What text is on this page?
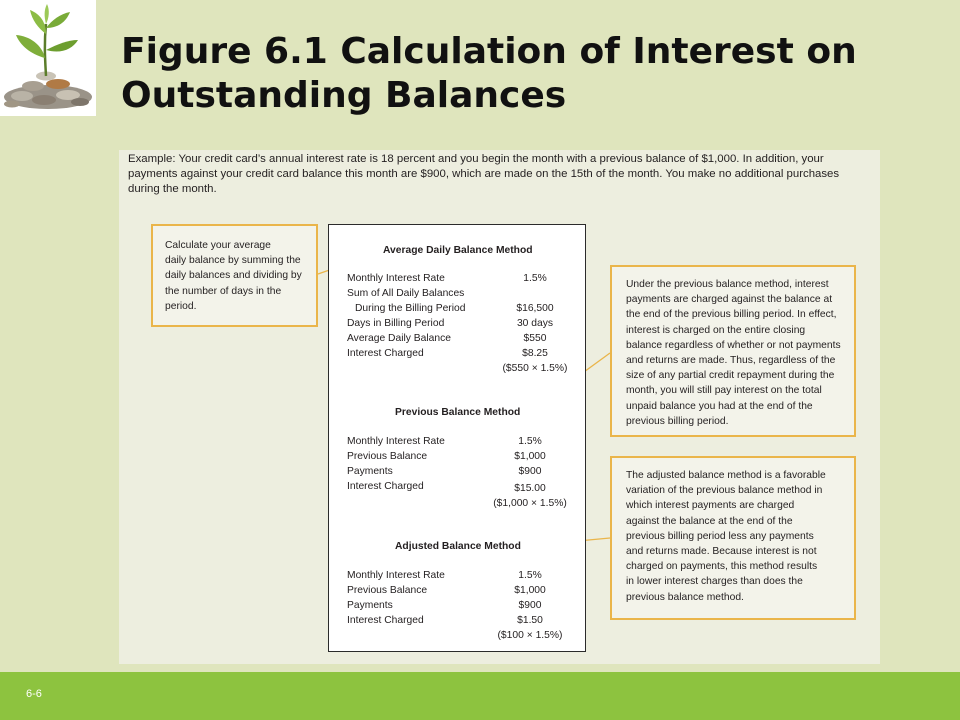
Figure 6.1 Calculation of Interest on
Outstanding Balances

Example: Your credit card’s annual interest rate is 18 percent and you begin the month with a previous balance of $1,000. In addition, your
payments against your credit card balance this month are $900, which are made on the 15th of the month. You make no additional purchases
during the month.

Calculate your average
daily balance by summing the
daily balances and dividing by
the number of days in the
period.
Under the previous balance method, interest
payments are charged against the balance at
the end of the previous billing period. In effect,
interest is charged on the entire closing
balance regardless of whether or not payments
and returns are made. Thus, regardless of the
size of any partial credit repayment during the
month, you will still pay interest on the total
unpaid balance you had at the end of the
previous billing period.
The adjusted balance method is a favorable
variation of the previous balance method in
which interest payments are charged
against the balance at the end of the
previous billing period less any payments
and returns made. Because interest is not
charged on payments, this method results
in lower interest charges than does the
previous balance method.
Average Daily Balance Method
Monthly Interest Rate	1.5%
Sum of All Daily Balances
During the Billing Period	$16,500
Days in Billing Period	30 days
Average Daily Balance	$550
Interest Charged	$8.25
($550 × 1.5%)
Previous Balance Method
Monthly Interest Rate	1.5%
Previous Balance	$1,000
Payments	$900
Interest Charged	$15.00
($1,000 × 1.5%)
Adjusted Balance Method
Monthly Interest Rate	1.5%
Previous Balance	$1,000
Payments	$900
Interest Charged	$1.50
($100 × 1.5%)
6-6
